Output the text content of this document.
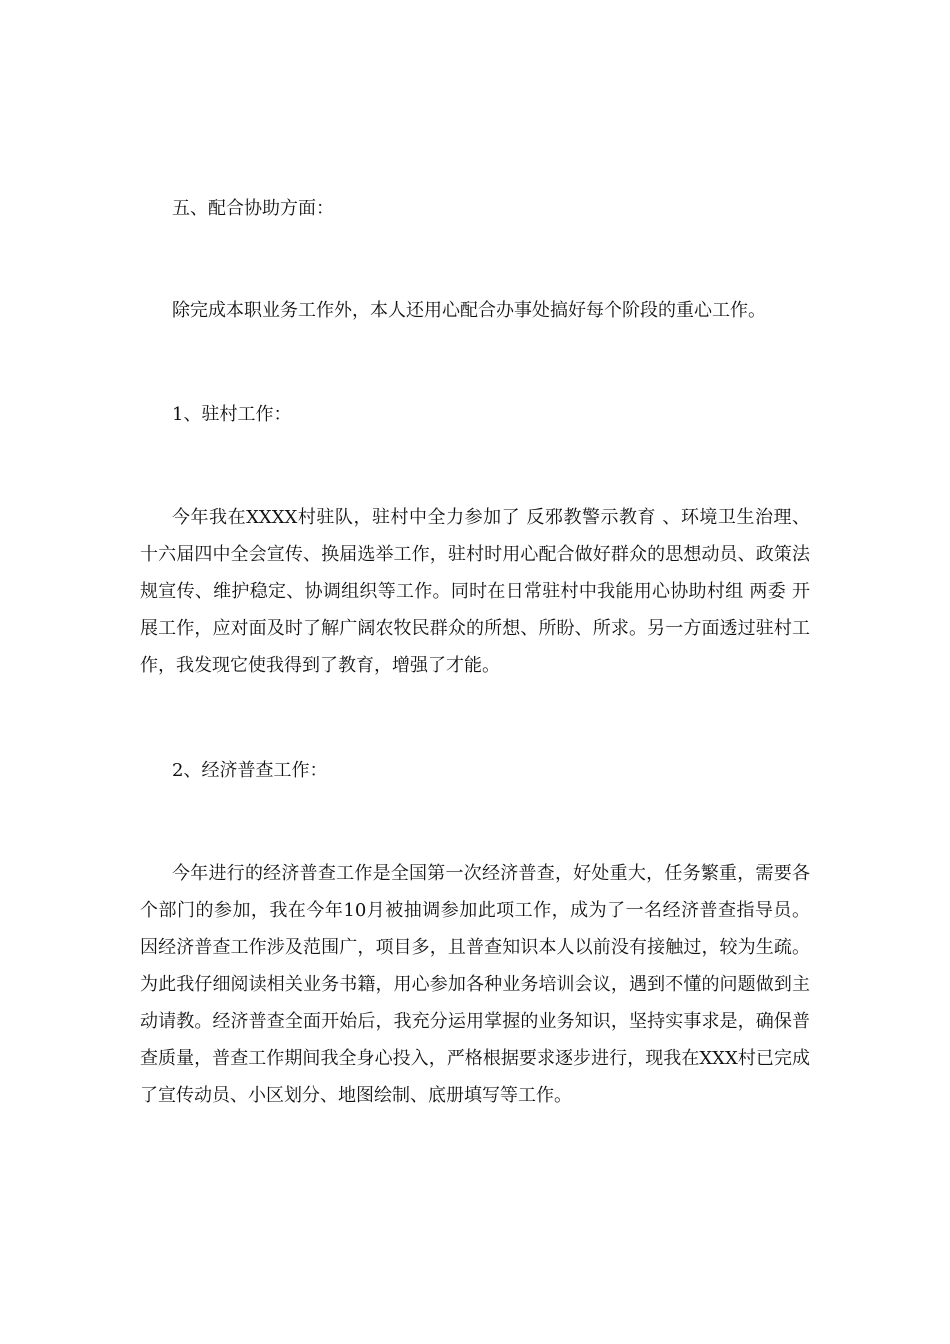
五、配合协助方面：

除完成本职业务工作外，本人还用心配合办事处搞好每个阶段的重心工作。

1、驻村工作：

今年我在XXXX村驻队，驻村中全力参加了 反邪教警示教育 、环境卫生治理、十六届四中全会宣传、换届选举工作，驻村时用心配合做好群众的思想动员、政策法规宣传、维护稳定、协调组织等工作。同时在日常驻村中我能用心协助村组 两委 开展工作，应对面及时了解广阔农牧民群众的所想、所盼、所求。另一方面透过驻村工作，我发现它使我得到了教育，增强了才能。

2、经济普查工作：

今年进行的经济普查工作是全国第一次经济普查，好处重大，任务繁重，需要各个部门的参加，我在今年10月被抽调参加此项工作，成为了一名经济普查指导员。因经济普查工作涉及范围广，项目多，且普查知识本人以前没有接触过，较为生疏。为此我仔细阅读相关业务书籍，用心参加各种业务培训会议，遇到不懂的问题做到主动请教。经济普查全面开始后，我充分运用掌握的业务知识，坚持实事求是，确保普查质量，普查工作期间我全身心投入，严格根据要求逐步进行，现我在XXX村已完成了宣传动员、小区划分、地图绘制、底册填写等工作。
